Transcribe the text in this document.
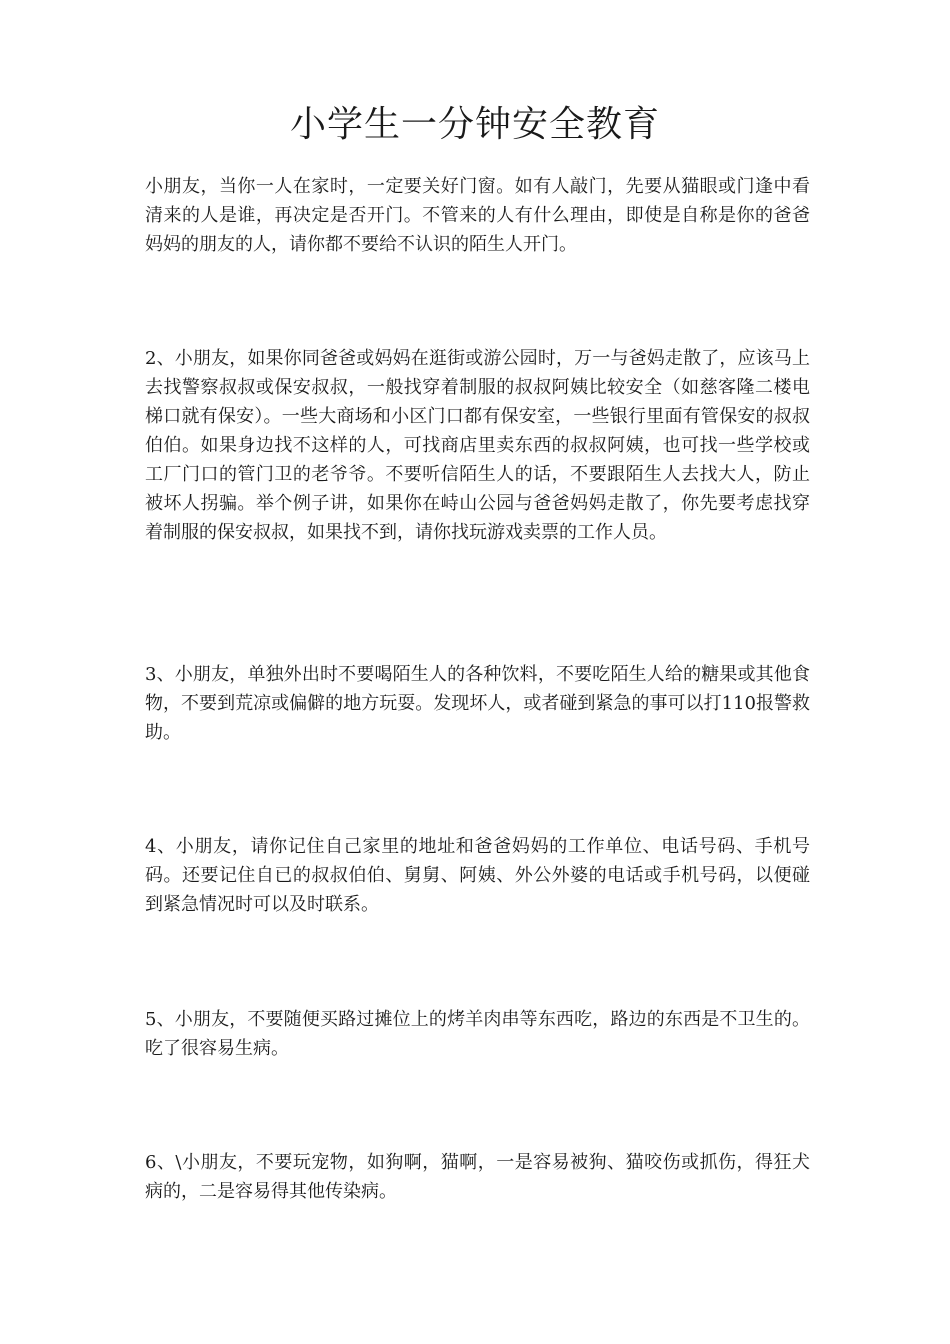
小学生一分钟安全教育

小朋友，当你一人在家时，一定要关好门窗。如有人敲门，先要从猫眼或门逢中看清来的人是谁，再决定是否开门。不管来的人有什么理由，即使是自称是你的爸爸妈妈的朋友的人，请你都不要给不认识的陌生人开门。

2、小朋友，如果你同爸爸或妈妈在逛街或游公园时，万一与爸妈走散了，应该马上去找警察叔叔或保安叔叔，一般找穿着制服的叔叔阿姨比较安全（如慈客隆二楼电梯口就有保安）。一些大商场和小区门口都有保安室，一些银行里面有管保安的叔叔伯伯。如果身边找不这样的人，可找商店里卖东西的叔叔阿姨，也可找一些学校或工厂门口的管门卫的老爷爷。不要听信陌生人的话，不要跟陌生人去找大人，防止被坏人拐骗。举个例子讲，如果你在峙山公园与爸爸妈妈走散了，你先要考虑找穿着制服的保安叔叔，如果找不到，请你找玩游戏卖票的工作人员。

3、小朋友，单独外出时不要喝陌生人的各种饮料，不要吃陌生人给的糖果或其他食物，不要到荒凉或偏僻的地方玩耍。发现坏人，或者碰到紧急的事可以打110报警救助。

4、小朋友，请你记住自己家里的地址和爸爸妈妈的工作单位、电话号码、手机号码。还要记住自已的叔叔伯伯、舅舅、阿姨、外公外婆的电话或手机号码，以便碰到紧急情况时可以及时联系。

5、小朋友，不要随便买路过摊位上的烤羊肉串等东西吃，路边的东西是不卫生的。吃了很容易生病。

6、\小朋友，不要玩宠物，如狗啊，猫啊，一是容易被狗、猫咬伤或抓伤，得狂犬病的，二是容易得其他传染病。
